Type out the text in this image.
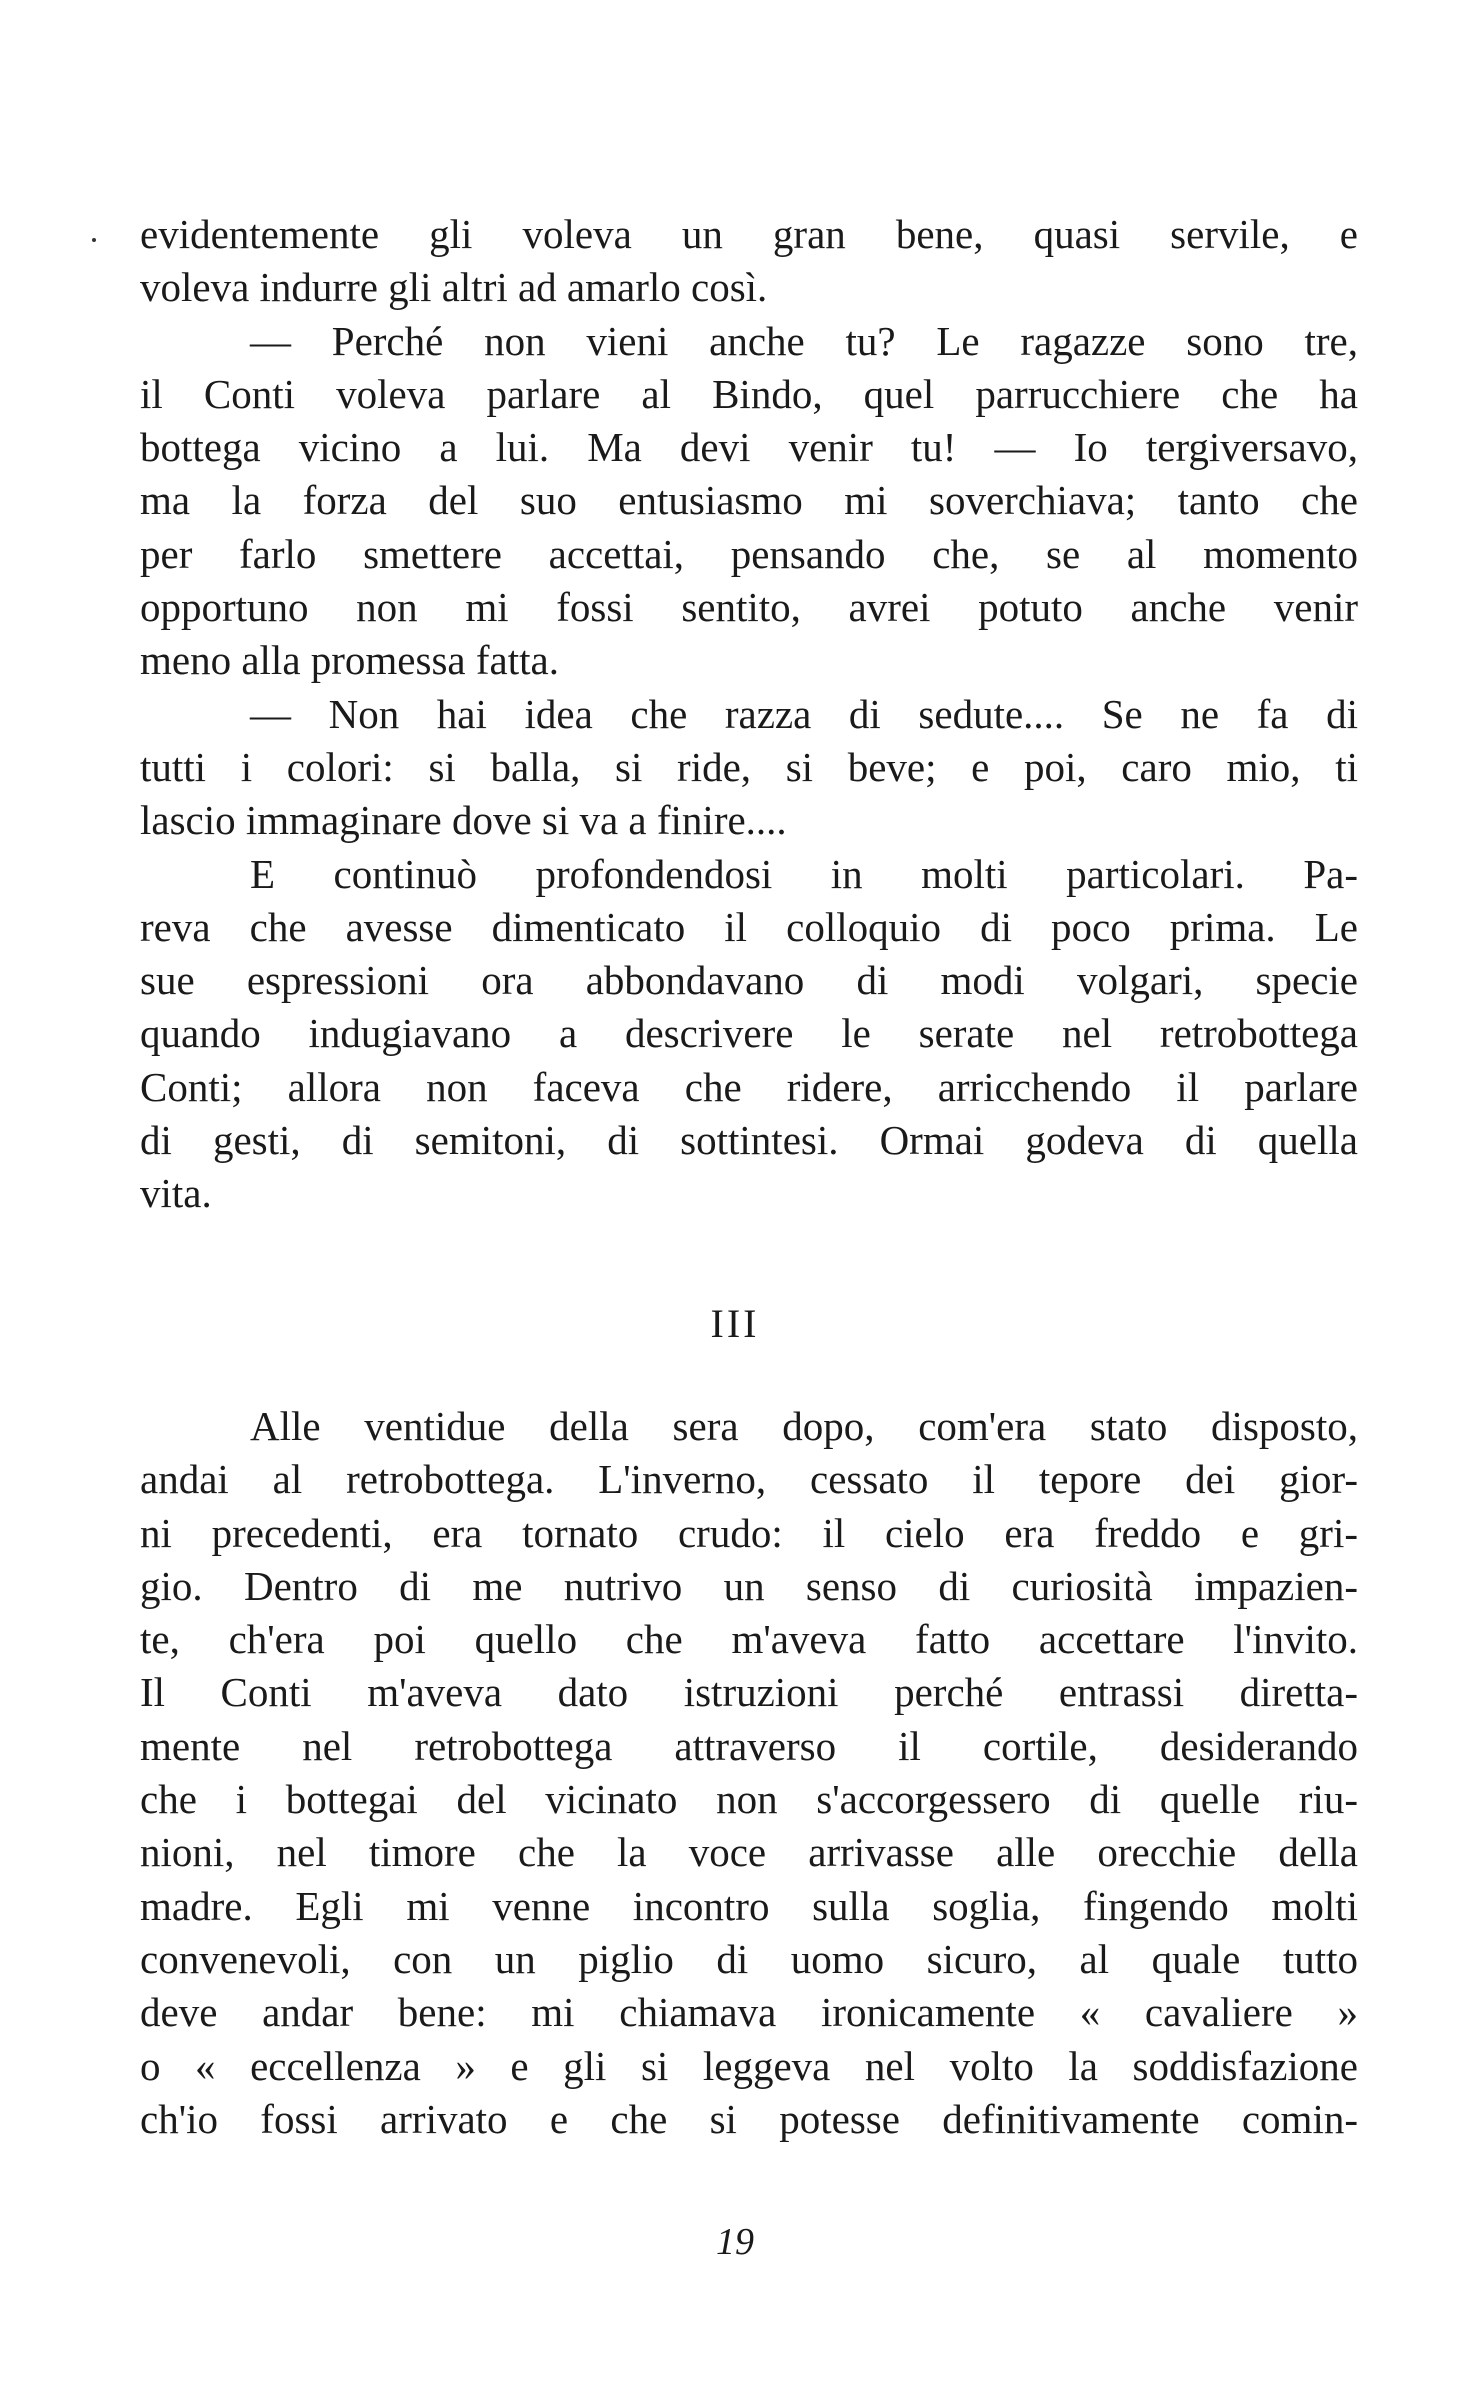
evidentemente gli voleva un gran bene, quasi servile, e
voleva indurre gli altri ad amarlo così.
— Perché non vieni anche tu? Le ragazze sono tre,
il Conti voleva parlare al Bindo, quel parrucchiere che ha
bottega vicino a lui. Ma devi venir tu! — Io tergiversavo,
ma la forza del suo entusiasmo mi soverchiava; tanto che
per farlo smettere accettai, pensando che, se al momento
opportuno non mi fossi sentito, avrei potuto anche venir
meno alla promessa fatta.
— Non hai idea che razza di sedute.... Se ne fa di
tutti i colori: si balla, si ride, si beve; e poi, caro mio, ti
lascio immaginare dove si va a finire....
E continuò profondendosi in molti particolari. Pa-
reva che avesse dimenticato il colloquio di poco prima. Le
sue espressioni ora abbondavano di modi volgari, specie
quando indugiavano a descrivere le serate nel retrobottega
Conti; allora non faceva che ridere, arricchendo il parlare
di gesti, di semitoni, di sottintesi. Ormai godeva di quella
vita.
III
Alle ventidue della sera dopo, com'era stato disposto,
andai al retrobottega. L'inverno, cessato il tepore dei gior-
ni precedenti, era tornato crudo: il cielo era freddo e gri-
gio. Dentro di me nutrivo un senso di curiosità impazien-
te, ch'era poi quello che m'aveva fatto accettare l'invito.
Il Conti m'aveva dato istruzioni perché entrassi diretta-
mente nel retrobottega attraverso il cortile, desiderando
che i bottegai del vicinato non s'accorgessero di quelle riu-
nioni, nel timore che la voce arrivasse alle orecchie della
madre. Egli mi venne incontro sulla soglia, fingendo molti
convenevoli, con un piglio di uomo sicuro, al quale tutto
deve andar bene: mi chiamava ironicamente « cavaliere »
o « eccellenza » e gli si leggeva nel volto la soddisfazione
ch'io fossi arrivato e che si potesse definitivamente comin-
19
